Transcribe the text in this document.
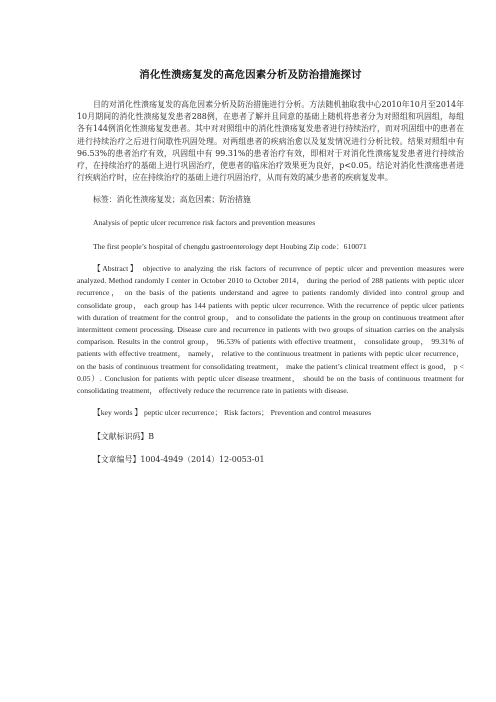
消化性溃疡复发的高危因素分析及防治措施探讨

目的对消化性溃疡复发的高危因素分析及防治措施进行分析。方法随机抽取我中心2010年10月至2014年10月期间的消化性溃疡复发患者288例，在患者了解并且同意的基础上随机将患者分为对照组和巩固组，每组各有144例消化性溃疡复发患者。其中对对照组中的消化性溃疡复发患者进行持续治疗，而对巩固组中的患者在进行持续治疗之后进行间歇性巩固处理。对两组患者的疾病治愈以及复发情况进行分析比较。结果对照组中有 96.53%的患者治疗有效，巩固组中有 99.31%的患者治疗有效，即相对于对消化性溃疡复发患者进行持续治疗，在持续治疗的基础上进行巩固治疗，使患者的临床治疗效果更为良好，p<0.05。结论对消化性溃疡患者进行疾病治疗时，应在持续治疗的基础上进行巩固治疗，从而有效的减少患者的疾病复发率。

标签：消化性溃疡复发；高危因素；防治措施

Analysis of peptic ulcer recurrence risk factors and prevention measures

The first people’s hospital of chengdu gastroenterology dept Houbing Zip code：610071

【Abstract】 objective to analyzing the risk factors of recurrence of peptic ulcer and prevention measures were analyzed. Method randomly I center in October 2010 to October 2014， during the period of 288 patients with peptic ulcer recurrence， on the basis of the patients understand and agree to patients randomly divided into control group and consolidate group， each group has 144 patients with peptic ulcer recurrence. With the recurrence of peptic ulcer patients with duration of treatment for the control group， and to consolidate the patients in the group on continuous treatment after intermittent cement processing. Disease cure and recurrence in patients with two groups of situation carries on the analysis comparison. Results in the control group， 96.53% of patients with effective treatment， consolidate group， 99.31% of patients with effective treatment， namely， relative to the continuous treatment in patients with peptic ulcer recurrence， on the basis of continuous treatment for consolidating treatment， make the patient’s clinical treatment effect is good， p < 0.05）. Conclusion for patients with peptic ulcer disease treatment， should be on the basis of continuous treatment for consolidating treatment， effectively reduce the recurrence rate in patients with disease.

【key words 】 peptic ulcer recurrence； Risk factors； Prevention and control measures

【文献标识码】B

【文章编号】1004-4949（2014）12-0053-01
